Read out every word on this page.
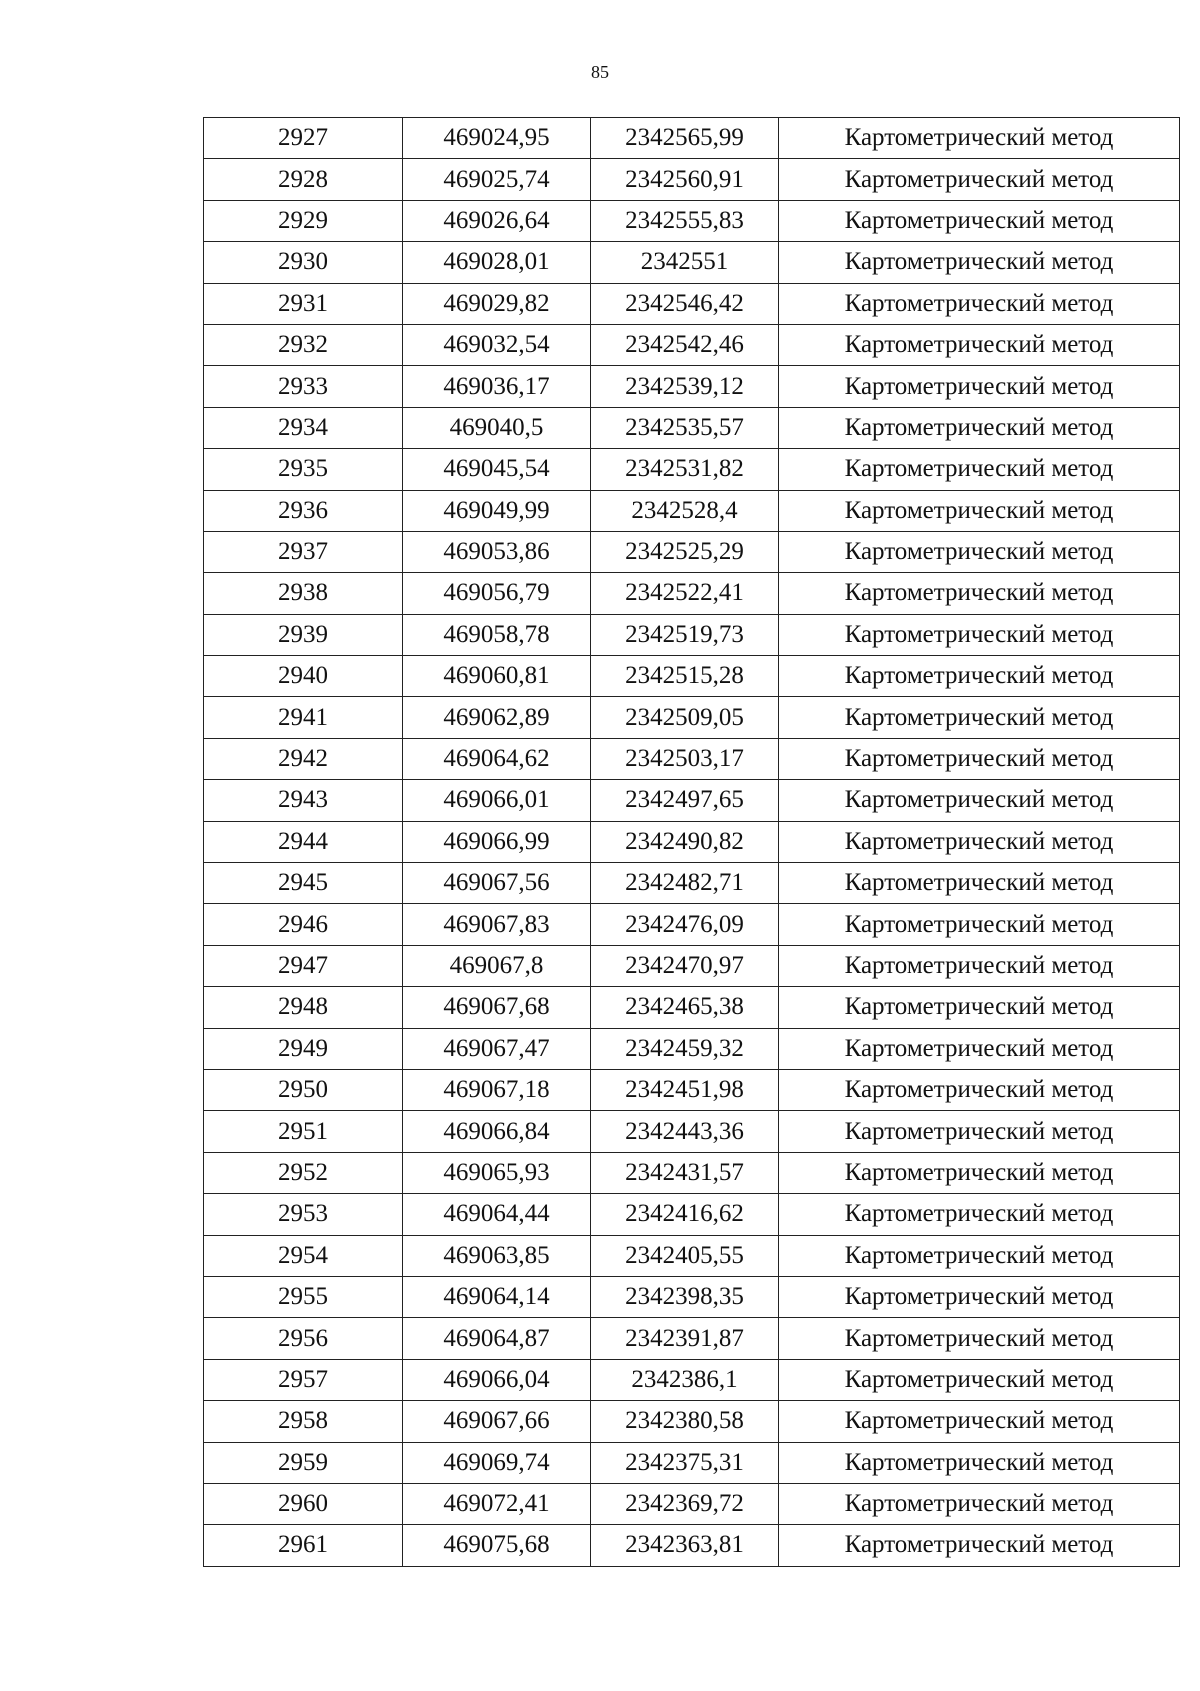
85
2927	469024,95	2342565,99	Картометрический метод
2928	469025,74	2342560,91	Картометрический метод
2929	469026,64	2342555,83	Картометрический метод
2930	469028,01	2342551	Картометрический метод
2931	469029,82	2342546,42	Картометрический метод
2932	469032,54	2342542,46	Картометрический метод
2933	469036,17	2342539,12	Картометрический метод
2934	469040,5	2342535,57	Картометрический метод
2935	469045,54	2342531,82	Картометрический метод
2936	469049,99	2342528,4	Картометрический метод
2937	469053,86	2342525,29	Картометрический метод
2938	469056,79	2342522,41	Картометрический метод
2939	469058,78	2342519,73	Картометрический метод
2940	469060,81	2342515,28	Картометрический метод
2941	469062,89	2342509,05	Картометрический метод
2942	469064,62	2342503,17	Картометрический метод
2943	469066,01	2342497,65	Картометрический метод
2944	469066,99	2342490,82	Картометрический метод
2945	469067,56	2342482,71	Картометрический метод
2946	469067,83	2342476,09	Картометрический метод
2947	469067,8	2342470,97	Картометрический метод
2948	469067,68	2342465,38	Картометрический метод
2949	469067,47	2342459,32	Картометрический метод
2950	469067,18	2342451,98	Картометрический метод
2951	469066,84	2342443,36	Картометрический метод
2952	469065,93	2342431,57	Картометрический метод
2953	469064,44	2342416,62	Картометрический метод
2954	469063,85	2342405,55	Картометрический метод
2955	469064,14	2342398,35	Картометрический метод
2956	469064,87	2342391,87	Картометрический метод
2957	469066,04	2342386,1	Картометрический метод
2958	469067,66	2342380,58	Картометрический метод
2959	469069,74	2342375,31	Картометрический метод
2960	469072,41	2342369,72	Картометрический метод
2961	469075,68	2342363,81	Картометрический метод
